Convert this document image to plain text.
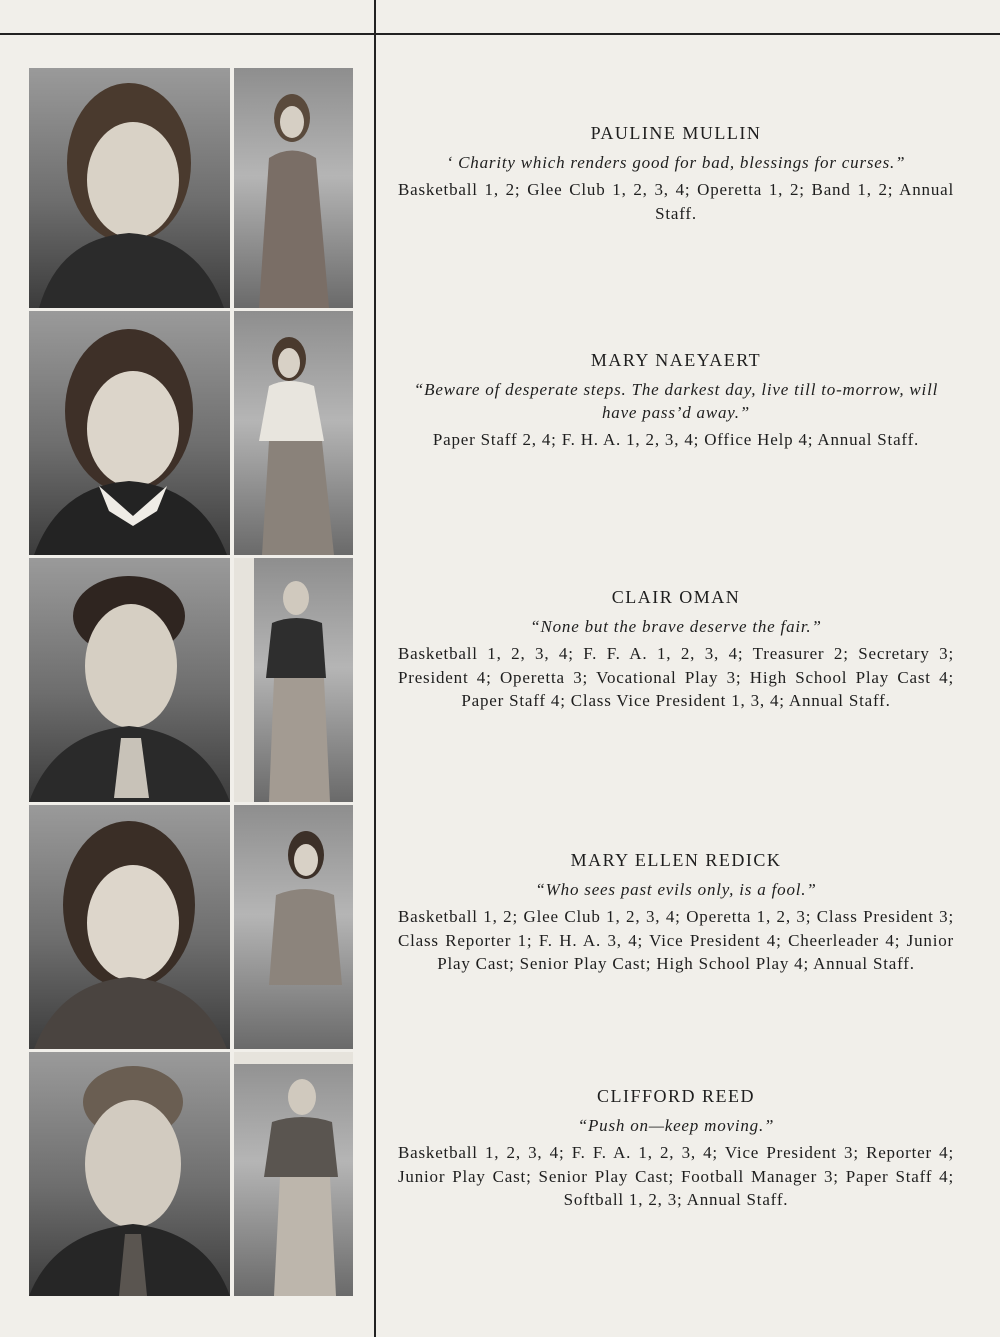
PAULINE MULLIN

‘ Charity which renders good for bad, blessings for curses.”

Basketball 1, 2; Glee Club 1, 2, 3, 4; Operetta 1, 2; Band 1, 2; Annual Staff.

MARY NAEYAERT

“Beware of desperate steps. The darkest day, live till to-morrow, will have pass’d away.”

Paper Staff 2, 4; F. H. A. 1, 2, 3, 4; Office Help 4; Annual Staff.

CLAIR OMAN

“None but the brave deserve the fair.”

Basketball 1, 2, 3, 4; F. F. A. 1, 2, 3, 4; Treasurer 2; Secretary 3; President 4; Operetta 3; Vocational Play 3; High School Play Cast 4; Paper Staff 4; Class Vice President 1, 3, 4; Annual Staff.

MARY ELLEN REDICK

“Who sees past evils only, is a fool.”

Basketball 1, 2; Glee Club 1, 2, 3, 4; Operetta 1, 2, 3; Class President 3; Class Reporter 1; F. H. A. 3, 4; Vice President 4; Cheerleader 4; Junior Play Cast; Senior Play Cast; High School Play 4; Annual Staff.

CLIFFORD REED

“Push on—keep moving.”

Basketball 1, 2, 3, 4; F. F. A. 1, 2, 3, 4; Vice President 3; Reporter 4; Junior Play Cast; Senior Play Cast; Football Manager 3; Paper Staff 4; Softball 1, 2, 3; Annual Staff.
